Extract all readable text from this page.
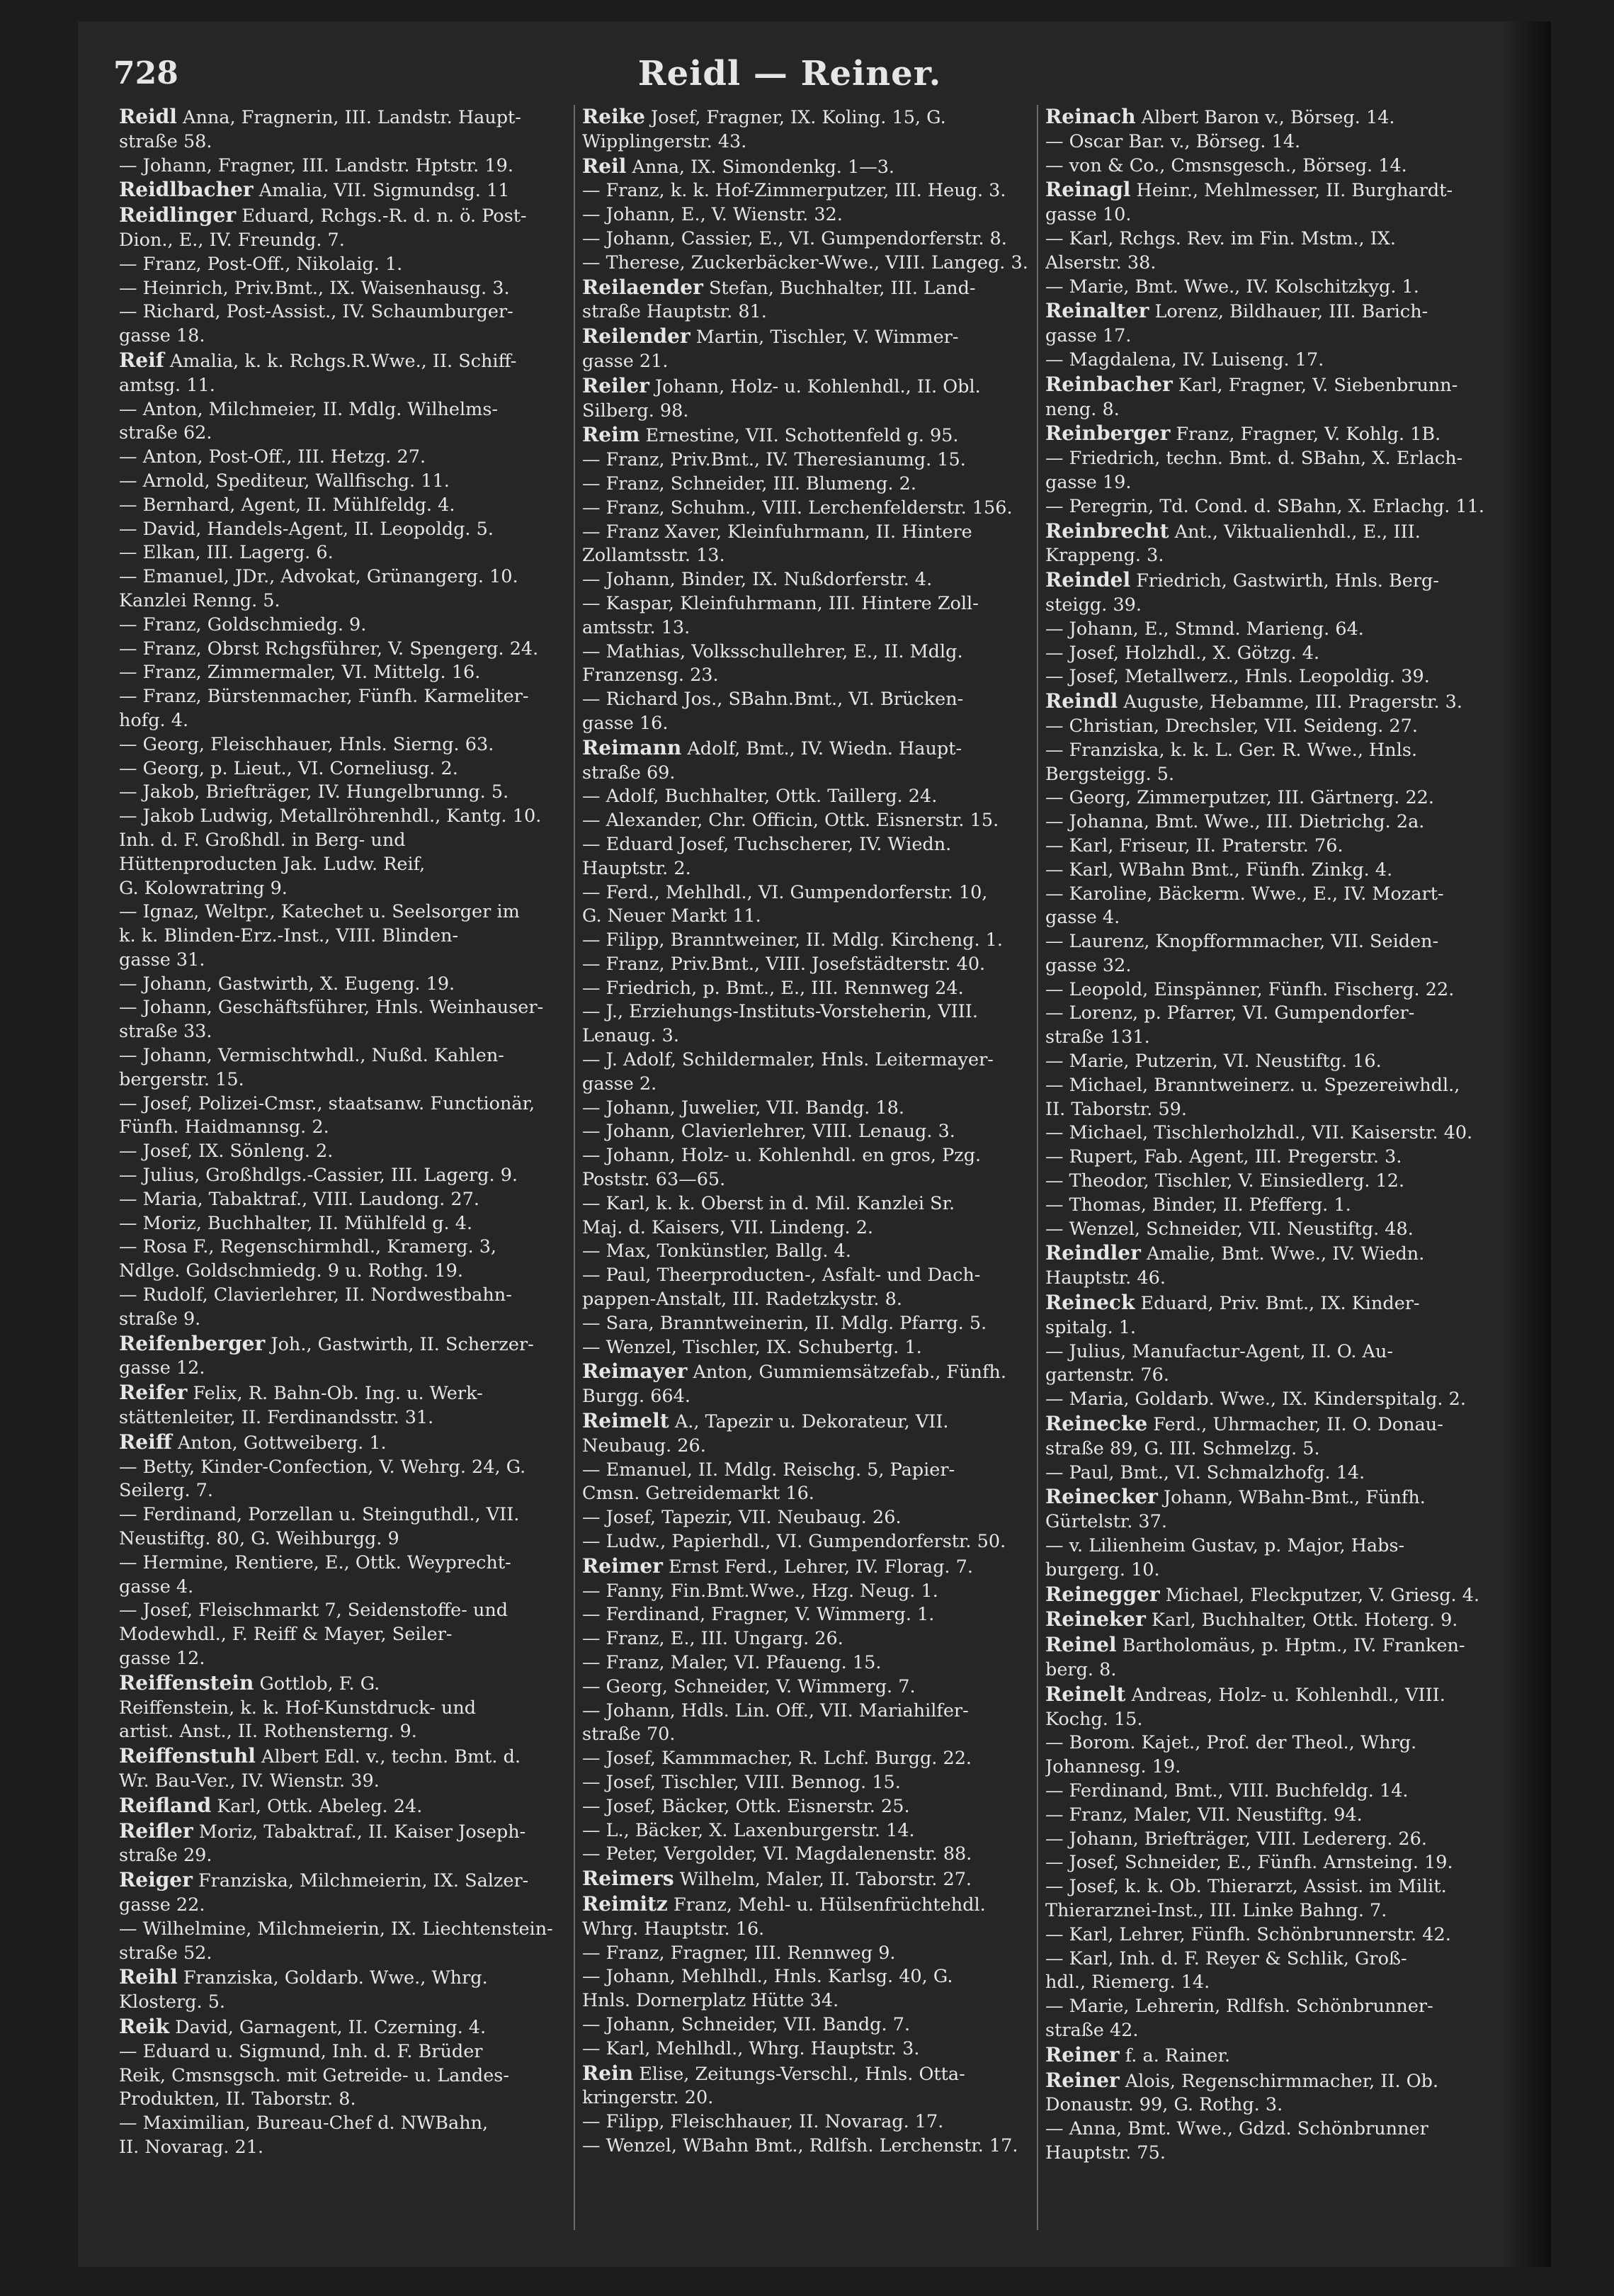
728	Reidl — Reiner.
Reidl Anna, Fragnerin, III. Landstr. Haupt-
straße 58.
— Johann, Fragner, III. Landstr. Hptstr. 19.
Reidlbacher Amalia, VII. Sigmundsg. 11
Reidlinger Eduard, Rchgs.-R. d. n. ö. Post-
Dion., E., IV. Freundg. 7.
— Franz, Post-Off., Nikolaig. 1.
— Heinrich, Priv.Bmt., IX. Waisenhausg. 3.
— Richard, Post-Assist., IV. Schaumburger-
gasse 18.
Reif Amalia, k. k. Rchgs.R.Wwe., II. Schiff-
amtsg. 11.
— Anton, Milchmeier, II. Mdlg. Wilhelms-
straße 62.
— Anton, Post-Off., III. Hetzg. 27.
— Arnold, Spediteur, Wallfischg. 11.
— Bernhard, Agent, II. Mühlfeldg. 4.
— David, Handels-Agent, II. Leopoldg. 5.
— Elkan, III. Lagerg. 6.
— Emanuel, JDr., Advokat, Grünangerg. 10.
Kanzlei Renng. 5.
— Franz, Goldschmiedg. 9.
— Franz, Obrst Rchgsführer, V. Spengerg. 24.
— Franz, Zimmermaler, VI. Mittelg. 16.
— Franz, Bürstenmacher, Fünfh. Karmeliter-
hofg. 4.
— Georg, Fleischhauer, Hnls. Sierng. 63.
— Georg, p. Lieut., VI. Corneliusg. 2.
— Jakob, Briefträger, IV. Hungelbrunng. 5.
— Jakob Ludwig, Metallröhrenhdl., Kantg. 10.
Inh. d. F. Großhdl. in Berg- und
Hüttenproducten Jak. Ludw. Reif,
G. Kolowratring 9.
— Ignaz, Weltpr., Katechet u. Seelsorger im
k. k. Blinden-Erz.-Inst., VIII. Blinden-
gasse 31.
— Johann, Gastwirth, X. Eugeng. 19.
— Johann, Geschäftsführer, Hnls. Weinhauser-
straße 33.
— Johann, Vermischtwhdl., Nußd. Kahlen-
bergerstr. 15.
— Josef, Polizei-Cmsr., staatsanw. Functionär,
Fünfh. Haidmannsg. 2.
— Josef, IX. Sönleng. 2.
— Julius, Großhdlgs.-Cassier, III. Lagerg. 9.
— Maria, Tabaktraf., VIII. Laudong. 27.
— Moriz, Buchhalter, II. Mühlfeld g. 4.
— Rosa F., Regenschirmhdl., Kramerg. 3,
Ndlge. Goldschmiedg. 9 u. Rothg. 19.
— Rudolf, Clavierlehrer, II. Nordwestbahn-
straße 9.
Reifenberger Joh., Gastwirth, II. Scherzer-
gasse 12.
Reifer Felix, R. Bahn-Ob. Ing. u. Werk-
stättenleiter, II. Ferdinandsstr. 31.
Reiff Anton, Gottweiberg. 1.
— Betty, Kinder-Confection, V. Wehrg. 24, G.
Seilerg. 7.
— Ferdinand, Porzellan u. Steinguthdl., VII.
Neustiftg. 80, G. Weihburgg. 9
— Hermine, Rentiere, E., Ottk. Weyprecht-
gasse 4.
— Josef, Fleischmarkt 7, Seidenstoffe- und
Modewhdl., F. Reiff & Mayer, Seiler-
gasse 12.
Reiffenstein Gottlob, F. G.
Reiffenstein, k. k. Hof-Kunstdruck- und
artist. Anst., II. Rothensterng. 9.
Reiffenstuhl Albert Edl. v., techn. Bmt. d.
Wr. Bau-Ver., IV. Wienstr. 39.
Reifland Karl, Ottk. Abeleg. 24.
Reifler Moriz, Tabaktraf., II. Kaiser Joseph-
straße 29.
Reiger Franziska, Milchmeierin, IX. Salzer-
gasse 22.
— Wilhelmine, Milchmeierin, IX. Liechtenstein-
straße 52.
Reihl Franziska, Goldarb. Wwe., Whrg.
Klosterg. 5.
Reik David, Garnagent, II. Czerning. 4.
— Eduard u. Sigmund, Inh. d. F. Brüder
Reik, Cmsnsgsch. mit Getreide- u. Landes-
Produkten, II. Taborstr. 8.
— Maximilian, Bureau-Chef d. NWBahn,
II. Novarag. 21.
Reike Josef, Fragner, IX. Koling. 15, G.
Wipplingerstr. 43.
Reil Anna, IX. Simondenkg. 1—3.
— Franz, k. k. Hof-Zimmerputzer, III. Heug. 3.
— Johann, E., V. Wienstr. 32.
— Johann, Cassier, E., VI. Gumpendorferstr. 8.
— Therese, Zuckerbäcker-Wwe., VIII. Langeg. 3.
Reilaender Stefan, Buchhalter, III. Land-
straße Hauptstr. 81.
Reilender Martin, Tischler, V. Wimmer-
gasse 21.
Reiler Johann, Holz- u. Kohlenhdl., II. Obl.
Silberg. 98.
Reim Ernestine, VII. Schottenfeld g. 95.
— Franz, Priv.Bmt., IV. Theresianumg. 15.
— Franz, Schneider, III. Blumeng. 2.
— Franz, Schuhm., VIII. Lerchenfelderstr. 156.
— Franz Xaver, Kleinfuhrmann, II. Hintere
Zollamtsstr. 13.
— Johann, Binder, IX. Nußdorferstr. 4.
— Kaspar, Kleinfuhrmann, III. Hintere Zoll-
amtsstr. 13.
— Mathias, Volksschullehrer, E., II. Mdlg.
Franzensg. 23.
— Richard Jos., SBahn.Bmt., VI. Brücken-
gasse 16.
Reimann Adolf, Bmt., IV. Wiedn. Haupt-
straße 69.
— Adolf, Buchhalter, Ottk. Taillerg. 24.
— Alexander, Chr. Officin, Ottk. Eisnerstr. 15.
— Eduard Josef, Tuchscherer, IV. Wiedn.
Hauptstr. 2.
— Ferd., Mehlhdl., VI. Gumpendorferstr. 10,
G. Neuer Markt 11.
— Filipp, Branntweiner, II. Mdlg. Kircheng. 1.
— Franz, Priv.Bmt., VIII. Josefstädterstr. 40.
— Friedrich, p. Bmt., E., III. Rennweg 24.
— J., Erziehungs-Instituts-Vorsteherin, VIII.
Lenaug. 3.
— J. Adolf, Schildermaler, Hnls. Leitermayer-
gasse 2.
— Johann, Juwelier, VII. Bandg. 18.
— Johann, Clavierlehrer, VIII. Lenaug. 3.
— Johann, Holz- u. Kohlenhdl. en gros, Pzg.
Poststr. 63—65.
— Karl, k. k. Oberst in d. Mil. Kanzlei Sr.
Maj. d. Kaisers, VII. Lindeng. 2.
— Max, Tonkünstler, Ballg. 4.
— Paul, Theerproducten-, Asfalt- und Dach-
pappen-Anstalt, III. Radetzkystr. 8.
— Sara, Branntweinerin, II. Mdlg. Pfarrg. 5.
— Wenzel, Tischler, IX. Schubertg. 1.
Reimayer Anton, Gummiemsätzefab., Fünfh.
Burgg. 664.
Reimelt A., Tapezir u. Dekorateur, VII.
Neubaug. 26.
— Emanuel, II. Mdlg. Reischg. 5, Papier-
Cmsn. Getreidemarkt 16.
— Josef, Tapezir, VII. Neubaug. 26.
— Ludw., Papierhdl., VI. Gumpendorferstr. 50.
Reimer Ernst Ferd., Lehrer, IV. Florag. 7.
— Fanny, Fin.Bmt.Wwe., Hzg. Neug. 1.
— Ferdinand, Fragner, V. Wimmerg. 1.
— Franz, E., III. Ungarg. 26.
— Franz, Maler, VI. Pfaueng. 15.
— Georg, Schneider, V. Wimmerg. 7.
— Johann, Hdls. Lin. Off., VII. Mariahilfer-
straße 70.
— Josef, Kammmacher, R. Lchf. Burgg. 22.
— Josef, Tischler, VIII. Bennog. 15.
— Josef, Bäcker, Ottk. Eisnerstr. 25.
— L., Bäcker, X. Laxenburgerstr. 14.
— Peter, Vergolder, VI. Magdalenenstr. 88.
Reimers Wilhelm, Maler, II. Taborstr. 27.
Reimitz Franz, Mehl- u. Hülsenfrüchtehdl.
Whrg. Hauptstr. 16.
— Franz, Fragner, III. Rennweg 9.
— Johann, Mehlhdl., Hnls. Karlsg. 40, G.
Hnls. Dornerplatz Hütte 34.
— Johann, Schneider, VII. Bandg. 7.
— Karl, Mehlhdl., Whrg. Hauptstr. 3.
Rein Elise, Zeitungs-Verschl., Hnls. Otta-
kringerstr. 20.
— Filipp, Fleischhauer, II. Novarag. 17.
— Wenzel, WBahn Bmt., Rdlfsh. Lerchenstr. 17.
Reinach Albert Baron v., Börseg. 14.
— Oscar Bar. v., Börseg. 14.
— von & Co., Cmsnsgesch., Börseg. 14.
Reinagl Heinr., Mehlmesser, II. Burghardt-
gasse 10.
— Karl, Rchgs. Rev. im Fin. Mstm., IX.
Alserstr. 38.
— Marie, Bmt. Wwe., IV. Kolschitzkyg. 1.
Reinalter Lorenz, Bildhauer, III. Barich-
gasse 17.
— Magdalena, IV. Luiseng. 17.
Reinbacher Karl, Fragner, V. Siebenbrunn-
neng. 8.
Reinberger Franz, Fragner, V. Kohlg. 1B.
— Friedrich, techn. Bmt. d. SBahn, X. Erlach-
gasse 19.
— Peregrin, Td. Cond. d. SBahn, X. Erlachg. 11.
Reinbrecht Ant., Viktualienhdl., E., III.
Krappeng. 3.
Reindel Friedrich, Gastwirth, Hnls. Berg-
steigg. 39.
— Johann, E., Stmnd. Marieng. 64.
— Josef, Holzhdl., X. Götzg. 4.
— Josef, Metallwerz., Hnls. Leopoldig. 39.
Reindl Auguste, Hebamme, III. Pragerstr. 3.
— Christian, Drechsler, VII. Seideng. 27.
— Franziska, k. k. L. Ger. R. Wwe., Hnls.
Bergsteigg. 5.
— Georg, Zimmerputzer, III. Gärtnerg. 22.
— Johanna, Bmt. Wwe., III. Dietrichg. 2a.
— Karl, Friseur, II. Praterstr. 76.
— Karl, WBahn Bmt., Fünfh. Zinkg. 4.
— Karoline, Bäckerm. Wwe., E., IV. Mozart-
gasse 4.
— Laurenz, Knopfformmacher, VII. Seiden-
gasse 32.
— Leopold, Einspänner, Fünfh. Fischerg. 22.
— Lorenz, p. Pfarrer, VI. Gumpendorfer-
straße 131.
— Marie, Putzerin, VI. Neustiftg. 16.
— Michael, Branntweinerz. u. Spezereiwhdl.,
II. Taborstr. 59.
— Michael, Tischlerholzhdl., VII. Kaiserstr. 40.
— Rupert, Fab. Agent, III. Pregerstr. 3.
— Theodor, Tischler, V. Einsiedlerg. 12.
— Thomas, Binder, II. Pfefferg. 1.
— Wenzel, Schneider, VII. Neustiftg. 48.
Reindler Amalie, Bmt. Wwe., IV. Wiedn.
Hauptstr. 46.
Reineck Eduard, Priv. Bmt., IX. Kinder-
spitalg. 1.
— Julius, Manufactur-Agent, II. O. Au-
gartenstr. 76.
— Maria, Goldarb. Wwe., IX. Kinderspitalg. 2.
Reinecke Ferd., Uhrmacher, II. O. Donau-
straße 89, G. III. Schmelzg. 5.
— Paul, Bmt., VI. Schmalzhofg. 14.
Reinecker Johann, WBahn-Bmt., Fünfh.
Gürtelstr. 37.
— v. Lilienheim Gustav, p. Major, Habs-
burgerg. 10.
Reinegger Michael, Fleckputzer, V. Griesg. 4.
Reineker Karl, Buchhalter, Ottk. Hoterg. 9.
Reinel Bartholomäus, p. Hptm., IV. Franken-
berg. 8.
Reinelt Andreas, Holz- u. Kohlenhdl., VIII.
Kochg. 15.
— Borom. Kajet., Prof. der Theol., Whrg.
Johannesg. 19.
— Ferdinand, Bmt., VIII. Buchfeldg. 14.
— Franz, Maler, VII. Neustiftg. 94.
— Johann, Briefträger, VIII. Ledererg. 26.
— Josef, Schneider, E., Fünfh. Arnsteing. 19.
— Josef, k. k. Ob. Thierarzt, Assist. im Milit.
Thierarznei-Inst., III. Linke Bahng. 7.
— Karl, Lehrer, Fünfh. Schönbrunnerstr. 42.
— Karl, Inh. d. F. Reyer & Schlik, Groß-
hdl., Riemerg. 14.
— Marie, Lehrerin, Rdlfsh. Schönbrunner-
straße 42.
Reiner f. a. Rainer.
Reiner Alois, Regenschirmmacher, II. Ob.
Donaustr. 99, G. Rothg. 3.
— Anna, Bmt. Wwe., Gdzd. Schönbrunner
Hauptstr. 75.
